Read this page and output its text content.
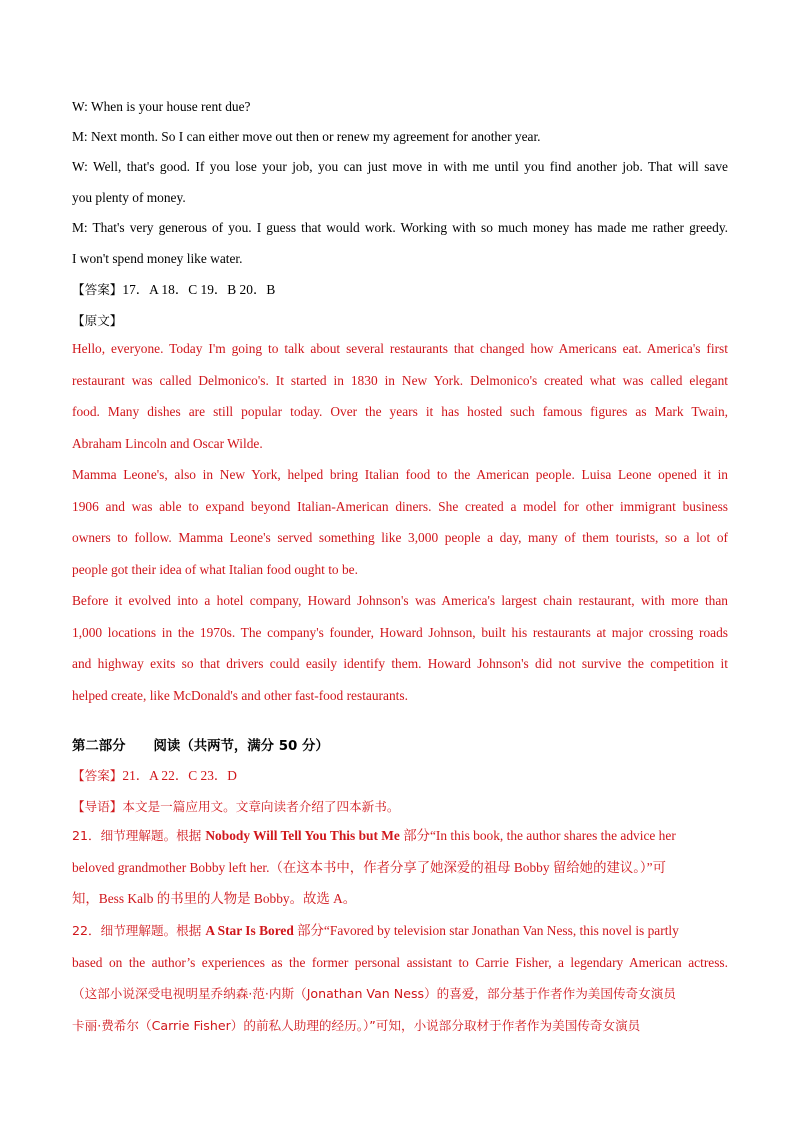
W: When is your house rent due?
M: Next month. So I can either move out then or renew my agreement for another year.
W: Well, that's good. If you lose your job, you can just move in with me until you find another job. That will save
you plenty of money.
M: That's very generous of you. I guess that would work. Working with so much money has made me rather greedy.
I won't spend money like water.
【答案】17．A 18．C 19．B 20．B
【原文】
Hello, everyone. Today I'm going to talk about several restaurants that changed how Americans eat. America's first
restaurant was called Delmonico's. It started in 1830 in New York. Delmonico's created what was called elegant
food. Many dishes are still popular today. Over the years it has hosted such famous figures as Mark Twain,
Abraham Lincoln and Oscar Wilde.
Mamma Leone's, also in New York, helped bring Italian food to the American people. Luisa Leone opened it in
1906 and was able to expand beyond Italian-American diners. She created a model for other immigrant business
owners to follow. Mamma Leone's served something like 3,000 people a day, many of them tourists, so a lot of
people got their idea of what Italian food ought to be.
Before it evolved into a hotel company, Howard Johnson's was America's largest chain restaurant, with more than
1,000 locations in the 1970s. The company's founder, Howard Johnson, built his restaurants at major crossing roads
and highway exits so that drivers could easily identify them. Howard Johnson's did not survive the competition it
helped create, like McDonald's and other fast-food restaurants.
第二部分      阅读（共两节，满分 50 分）
【答案】21．A 22．C 23．D
【导语】本文是一篇应用文。文章向读者介绍了四本新书。
21．细节理解题。根据 Nobody Will Tell You This but Me 部分“In this book, the author shares the advice her
beloved grandmother Bobby left her.（在这本书中，作者分享了她深爱的祖母 Bobby 留给她的建议。）”可
知，Bess Kalb 的书里的人物是 Bobby。故选 A。
22．细节理解题。根据 A Star Is Bored 部分“Favored by television star Jonathan Van Ness, this novel is partly
based on the author’s experiences as the former personal assistant to Carrie Fisher, a legendary American actress.
（这部小说深受电视明星乔纳森·范·内斯（Jonathan Van Ness）的喜爱，部分基于作者作为美国传奇女演员
卡丽·费希尔（Carrie Fisher）的前私人助理的经历。）”可知，小说部分取材于作者作为美国传奇女演员
